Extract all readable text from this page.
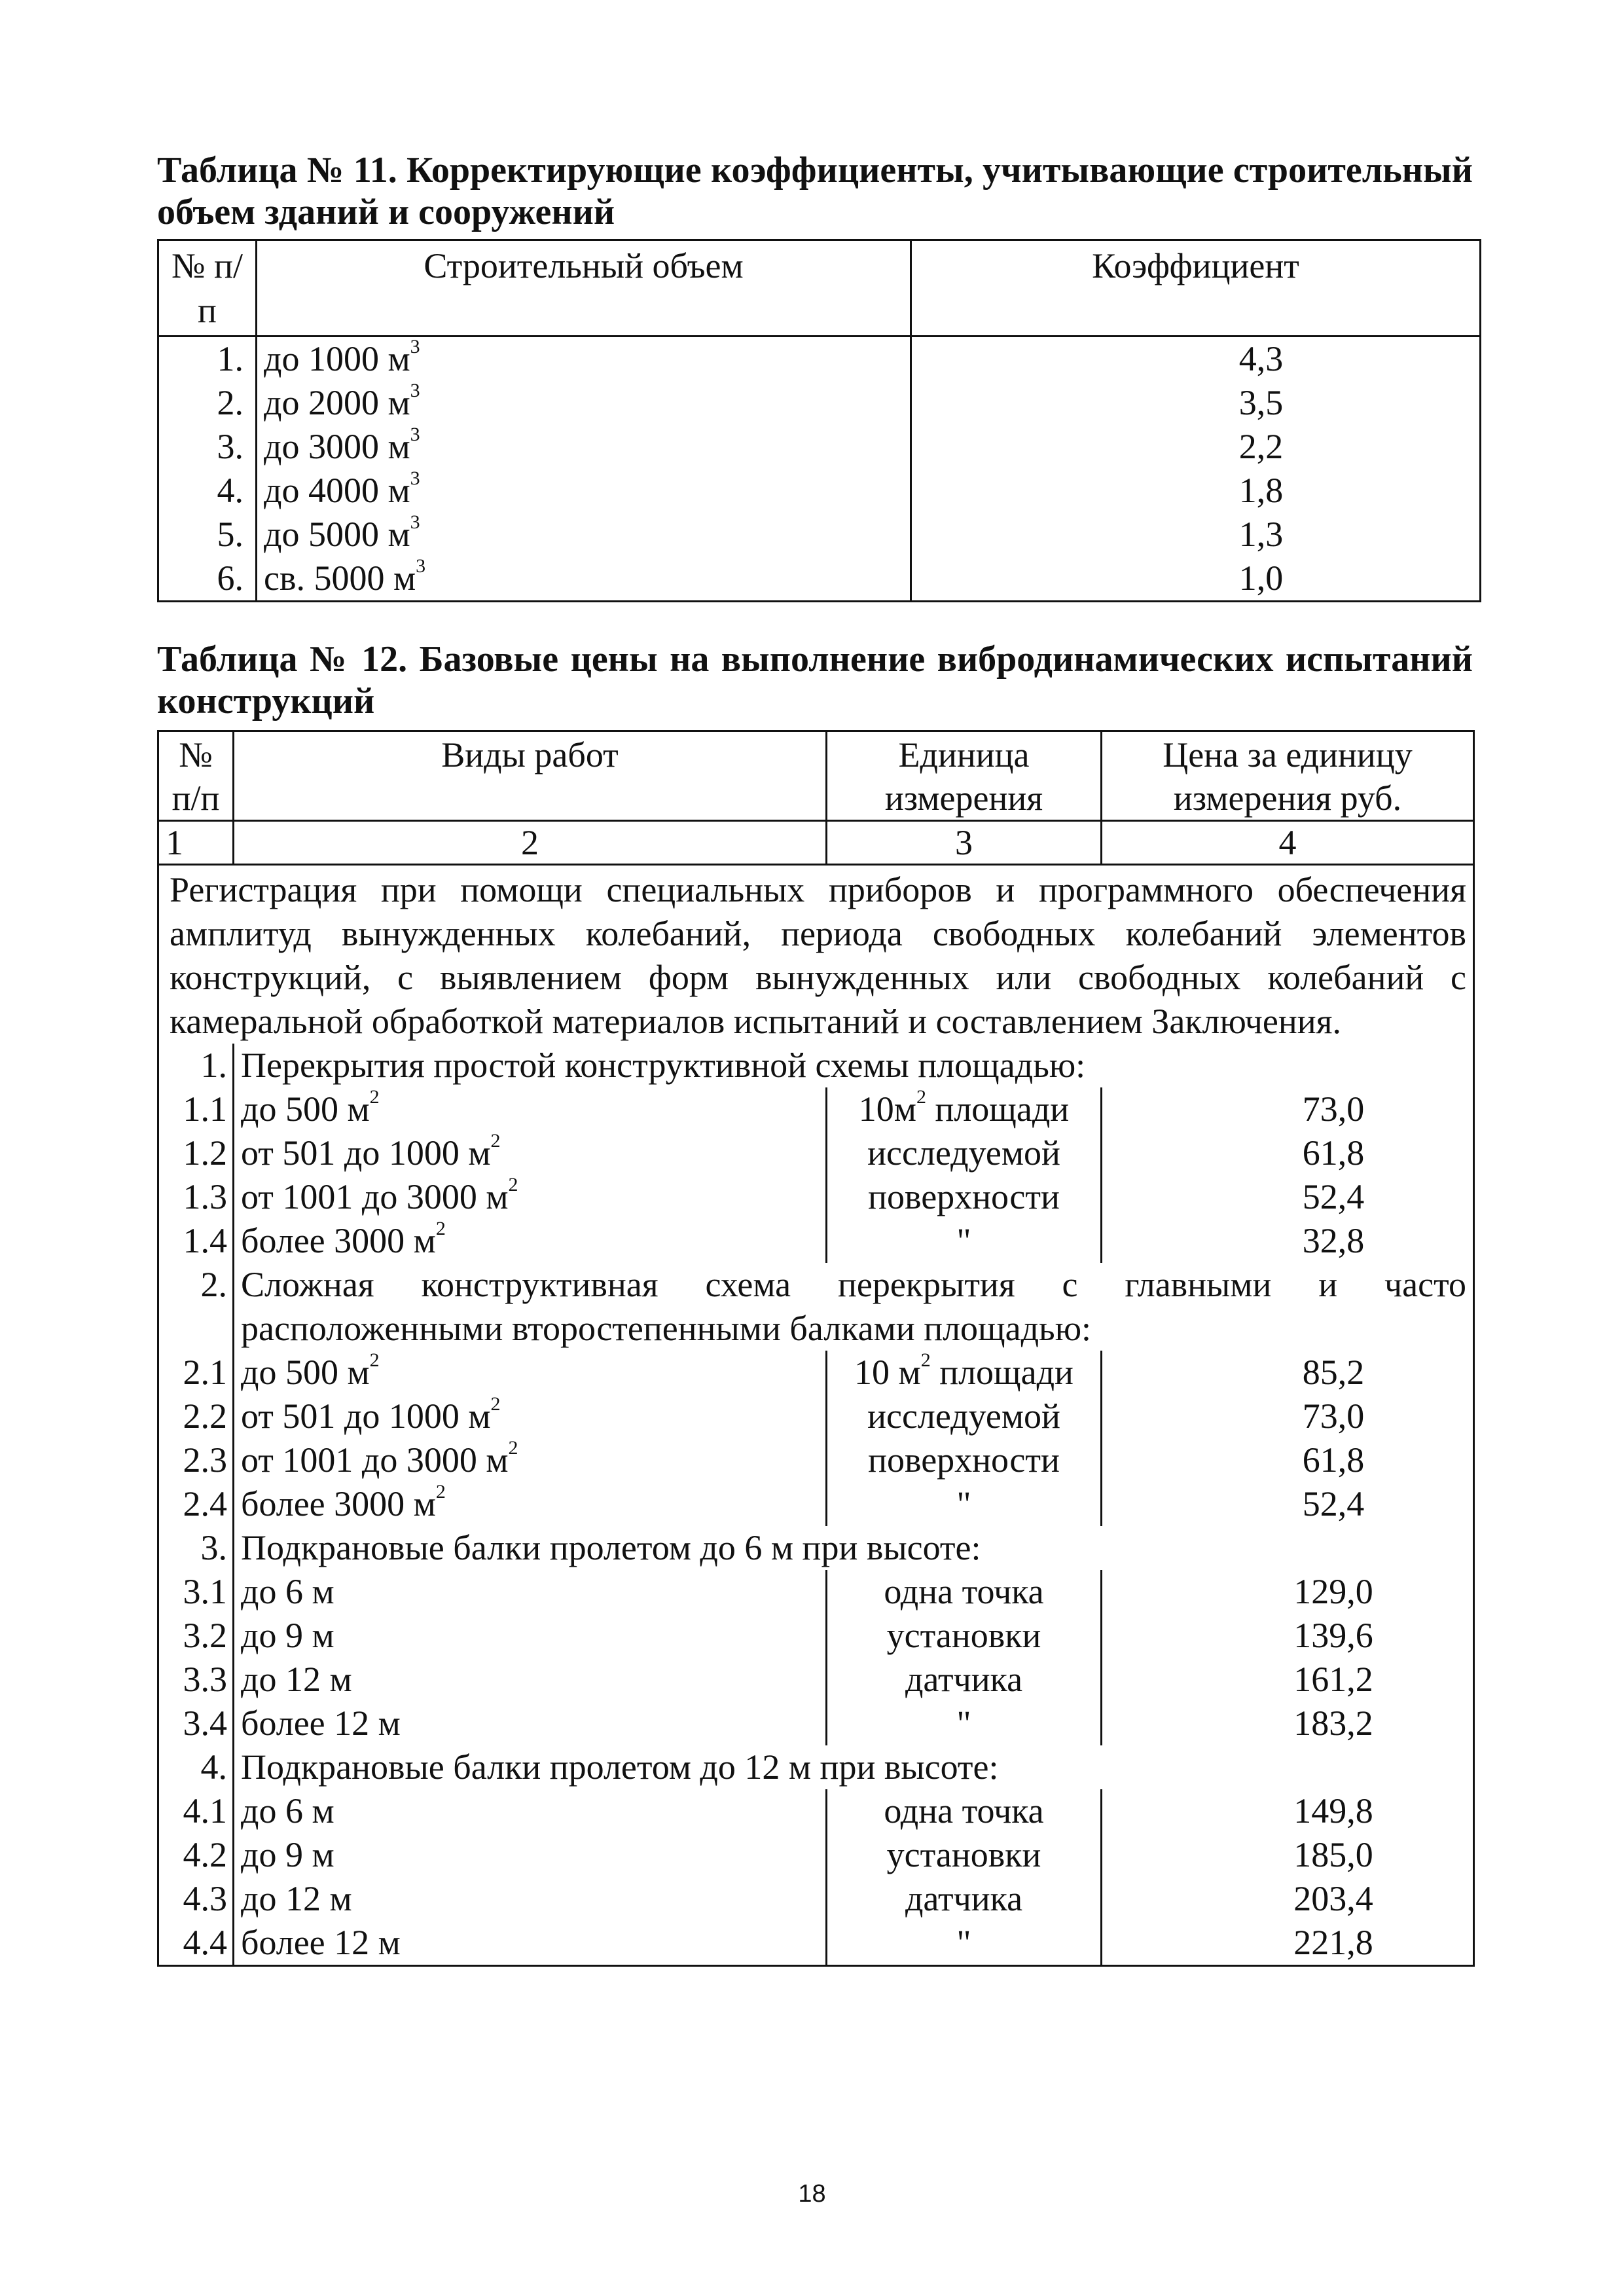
Таблица № 11. Корректирующие коэффициенты, учитывающие строительный объем зданий и сооружений
№ п/п	Строительный объем	Коэффициент
1.	до 1000 $м^3$	4,3
2.	до 2000 $м^3$	3,5
3.	до 3000 $м^3$	2,2
4.	до 4000 $м^3$	1,8
5.	до 5000 $м^3$	1,3
6.	св. 5000 $м^3$	1,0
Таблица № 12. Базовые цены на выполнение вибродинамических испытаний конструкций
№ п/п	Виды работ	Единица измерения	Цена за единицу измерения руб.
1	2	3	4
Регистрация при помощи специальных приборов и программного обеспечения амплитуд вынужденных колебаний, периода свободных колебаний элементов конструкций, с выявлением форм вынужденных или свободных колебаний с камеральной обработкой материалов испытаний и составлением Заключения.			
1.	Перекрытия простой конструктивной схемы площадью:		
1.1	до 500 $м^2$	$10м^2$ площади	73,0
1.2	от 501 до 1000 $м^2$	исследуемой	61,8
1.3	от 1001 до 3000 $м^2$	поверхности	52,4
1.4	более 3000 $м^2$	"	32,8
2.	Сложная конструктивная схема перекрытия с главными и часто расположенными второстепенными балками площадью:		
2.1	до 500 $м^2$	10 $м^2$ площади	85,2
2.2	от 501 до 1000 $м^2$	исследуемой	73,0
2.3	от 1001 до 3000 $м^2$	поверхности	61,8
2.4	более 3000 $м^2$	"	52,4
3.	Подкрановые балки пролетом до 6 м при высоте:		
3.1	до 6 м	одна точка	129,0
3.2	до 9 м	установки	139,6
3.3	до 12 м	датчика	161,2
3.4	более 12 м	"	183,2
4.	Подкрановые балки пролетом до 12 м при высоте:		
4.1	до 6 м	одна точка	149,8
4.2	до 9 м	установки	185,0
4.3	до 12 м	датчика	203,4
4.4	более 12 м	"	221,8
18
